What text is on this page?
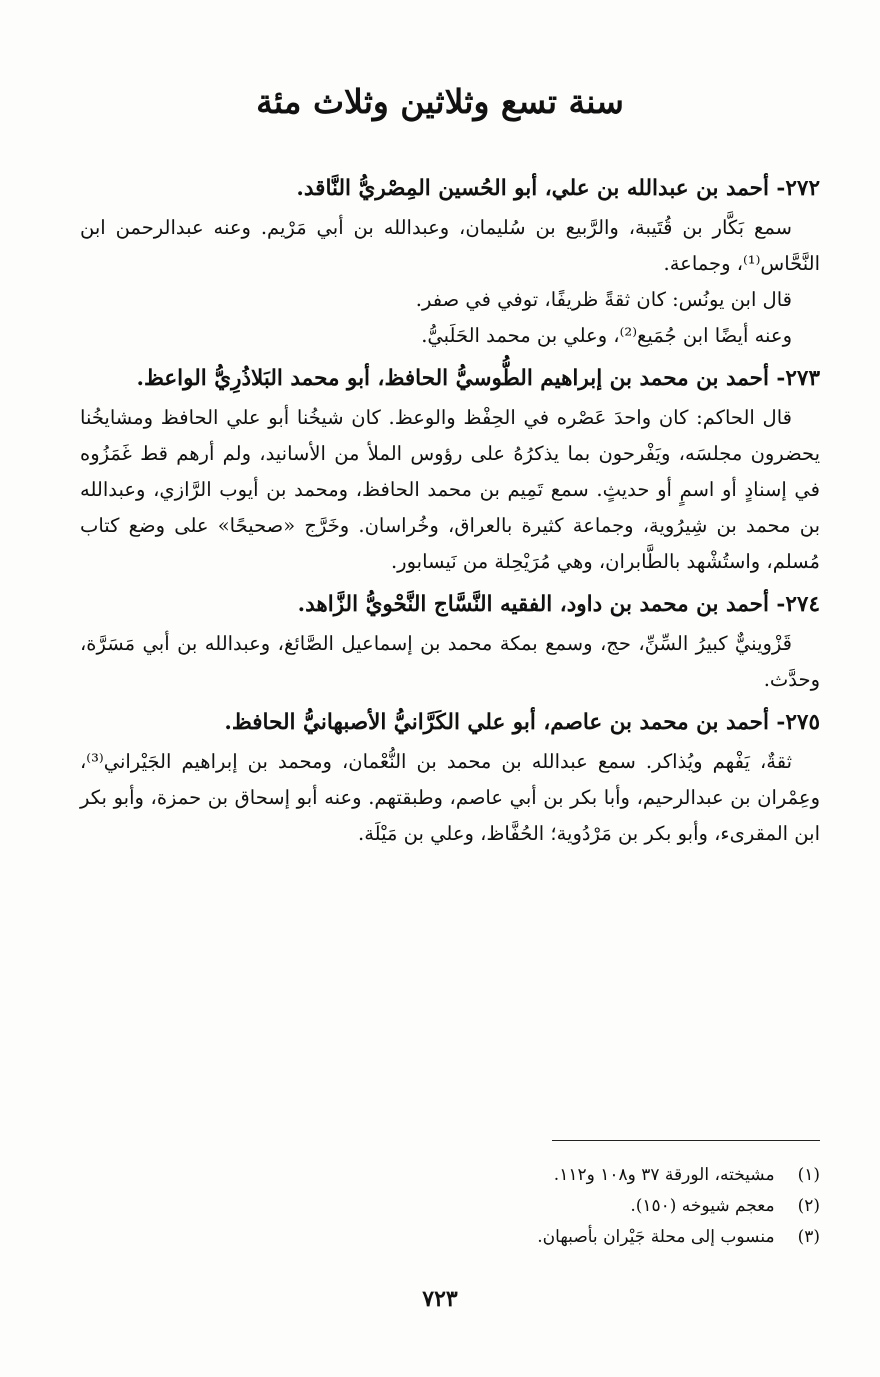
سنة تسع وثلاثين وثلاث مئة

٢٧٢- أحمد بن عبدالله بن علي، أبو الحُسين المِصْريُّ النَّاقد.

سمع بَكَّار بن قُتَيبة، والرَّبيع بن سُليمان، وعبدالله بن أبي مَرْيم. وعنه عبدالرحمن ابن النَّحَّاس⁽¹⁾، وجماعة.

قال ابن يونُس: كان ثقةً ظريفًا، توفي في صفر.

وعنه أيضًا ابن جُمَيع⁽²⁾، وعلي بن محمد الحَلَبيُّ.

٢٧٣- أحمد بن محمد بن إبراهيم الطُّوسيُّ الحافظ، أبو محمد البَلاذُرِيُّ الواعظ.

قال الحاكم: كان واحدَ عَصْره في الحِفْظ والوعظ. كان شيخُنا أبو علي الحافظ ومشايخُنا يحضرون مجلسَه، ويَفْرحون بما يذكرُهُ على رؤوس الملأ من الأسانيد، ولم أرهم قط غَمَزُوه في إسنادٍ أو اسمٍ أو حديثٍ. سمع تَمِيم بن محمد الحافظ، ومحمد بن أيوب الرَّازي، وعبدالله بن محمد بن شِيرُوية، وجماعة كثيرة بالعراق، وخُراسان. وخَرَّج «صحيحًا» على وضع كتاب مُسلم، واستُشْهد بالطَّابران، وهي مُرَيْحِلة من نَيسابور.

٢٧٤- أحمد بن محمد بن داود، الفقيه النَّسَّاج النَّحْويُّ الزَّاهد.

قَزْوينيٌّ كبيرُ السِّنِّ، حج، وسمع بمكة محمد بن إسماعيل الصَّائغ، وعبدالله بن أبي مَسَرَّة، وحدَّث.

٢٧٥- أحمد بن محمد بن عاصم، أبو علي الكَرَّانيُّ الأصبهانيُّ الحافظ.

ثقةٌ، يَفْهم ويُذاكر. سمع عبدالله بن محمد بن النُّعْمان، ومحمد بن إبراهيم الجَيْراني⁽³⁾، وعِمْران بن عبدالرحيم، وأبا بكر بن أبي عاصم، وطبقتهم. وعنه أبو إسحاق بن حمزة، وأبو بكر ابن المقرىء، وأبو بكر بن مَرْدُوية؛ الحُفَّاظ، وعلي بن مَيْلَة.

(١) مشيخته، الورقة ٣٧ و١٠٨ و١١٢.
(٢) معجم شيوخه (١٥٠).
(٣) منسوب إلى محلة جَيْران بأصبهان.
٧٢٣
